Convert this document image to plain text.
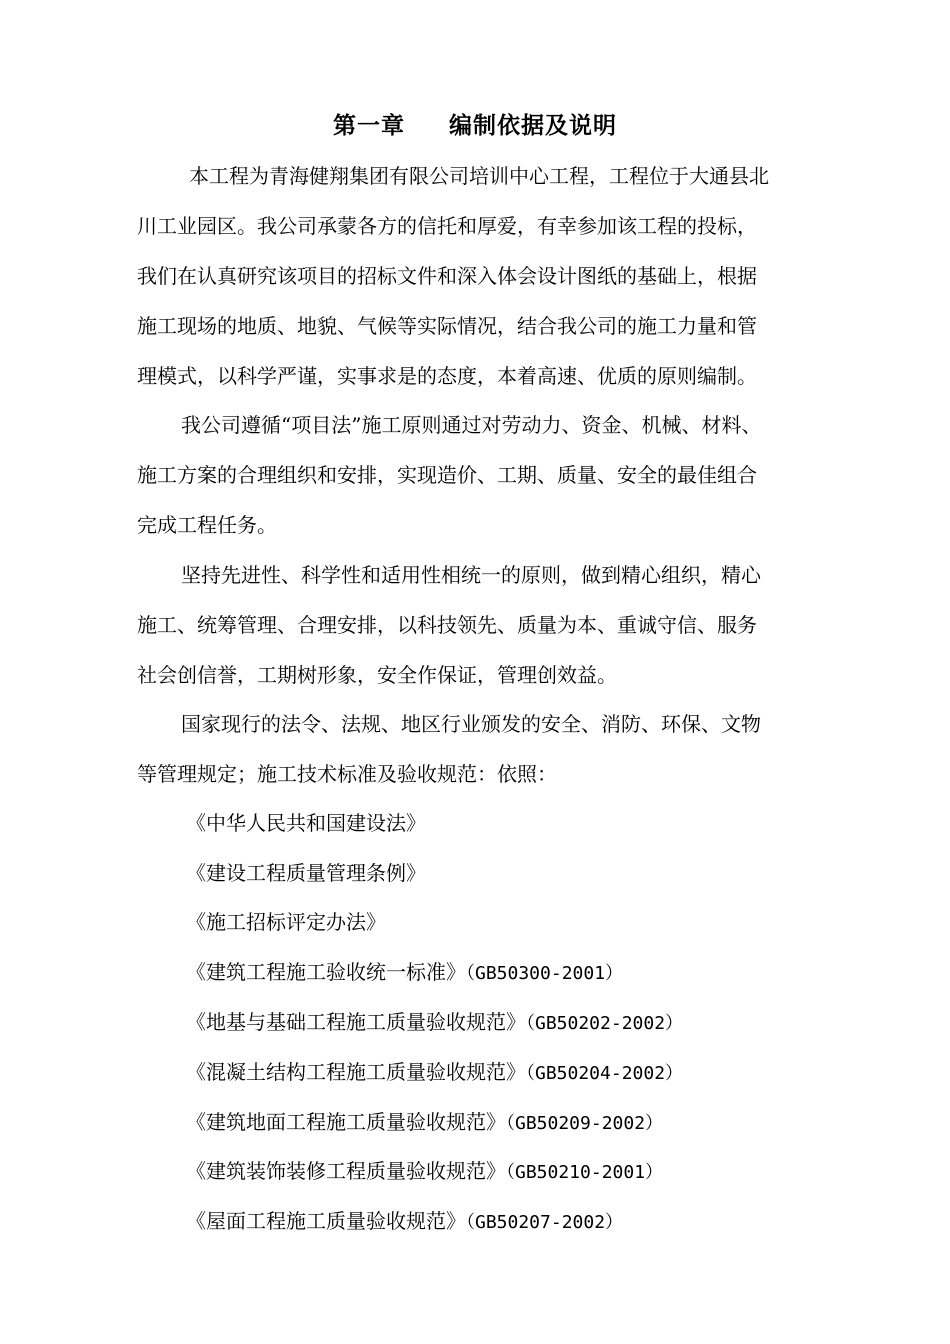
第一章 编制依据及说明
本工程为青海健翔集团有限公司培训中心工程，工程位于大通县北
川工业园区。我公司承蒙各方的信托和厚爱，有幸参加该工程的投标，
我们在认真研究该项目的招标文件和深入体会设计图纸的基础上，根据
施工现场的地质、地貌、气候等实际情况，结合我公司的施工力量和管
理模式，以科学严谨，实事求是的态度，本着高速、优质的原则编制。
我公司遵循“项目法”施工原则通过对劳动力、资金、机械、材料、
施工方案的合理组织和安排，实现造价、工期、质量、安全的最佳组合
完成工程任务。
坚持先进性、科学性和适用性相统一的原则，做到精心组织，精心
施工、统筹管理、合理安排，以科技领先、质量为本、重诚守信、服务
社会创信誉，工期树形象，安全作保证，管理创效益。
国家现行的法令、法规、地区行业颁发的安全、消防、环保、文物
等管理规定；施工技术标准及验收规范：依照：
《中华人民共和国建设法》
《建设工程质量管理条例》
《施工招标评定办法》
《建筑工程施工验收统一标准》（GB50300-2001）
《地基与基础工程施工质量验收规范》（GB50202-2002）
《混凝土结构工程施工质量验收规范》（GB50204-2002）
《建筑地面工程施工质量验收规范》（GB50209-2002）
《建筑装饰装修工程质量验收规范》（GB50210-2001）
《屋面工程施工质量验收规范》（GB50207-2002）
